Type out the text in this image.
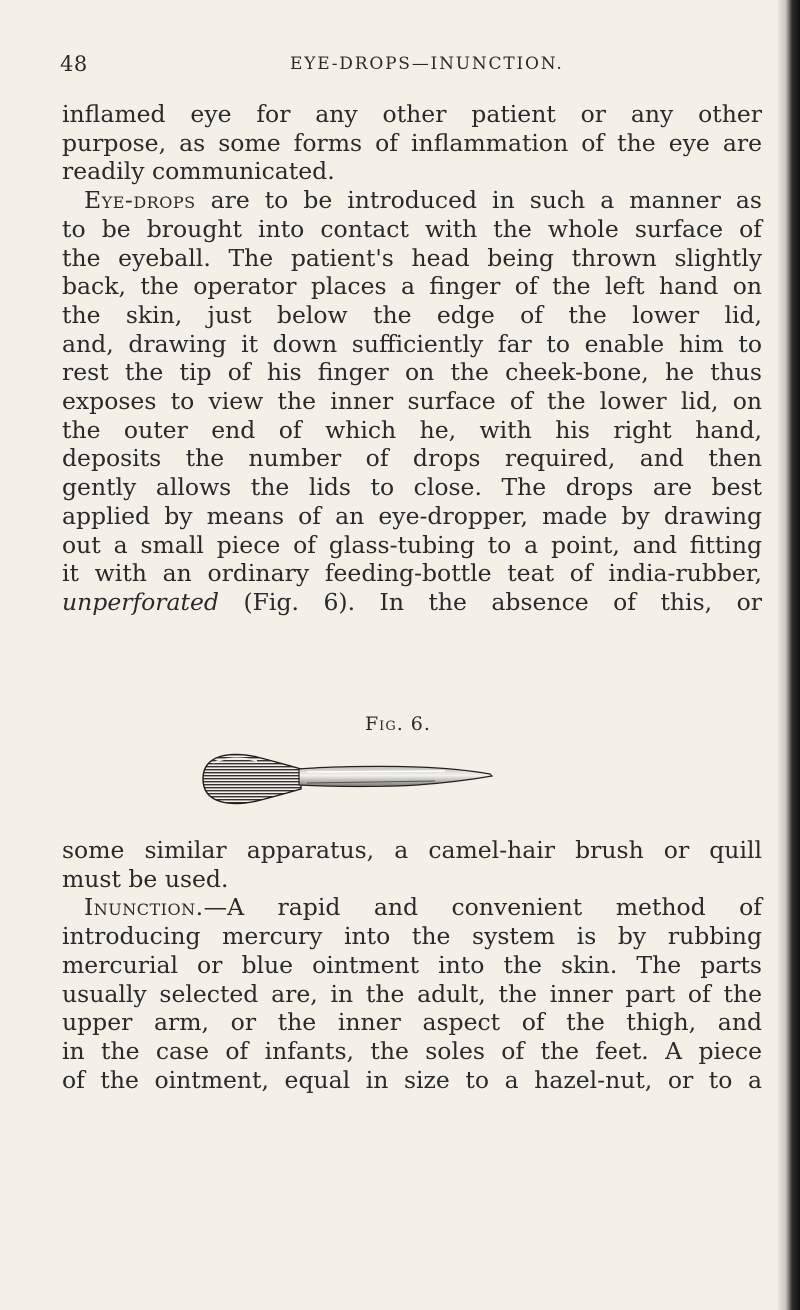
48	EYE-DROPS—INUNCTION.
inflamed eye for any other patient or any other
purpose, as some forms of inflammation of the eye are
readily communicated.
Eye-drops are to be introduced in such a manner as
to be brought into contact with the whole surface of
the eyeball. The patient's head being thrown slightly
back, the operator places a finger of the left hand on
the skin, just below the edge of the lower lid,
and, drawing it down sufficiently far to enable him to
rest the tip of his finger on the cheek-bone, he thus
exposes to view the inner surface of the lower lid, on
the outer end of which he, with his right hand,
deposits the number of drops required, and then
gently allows the lids to close. The drops are best
applied by means of an eye-dropper, made by drawing
out a small piece of glass-tubing to a point, and fitting
it with an ordinary feeding-bottle teat of india-rubber,
unperforated (Fig. 6). In the absence of this, or
Fig. 6.
some similar apparatus, a camel-hair brush or quill
must be used.
Inunction.—A rapid and convenient method of
introducing mercury into the system is by rubbing
mercurial or blue ointment into the skin. The parts
usually selected are, in the adult, the inner part of the
upper arm, or the inner aspect of the thigh, and
in the case of infants, the soles of the feet. A piece
of the ointment, equal in size to a hazel-nut, or to a
